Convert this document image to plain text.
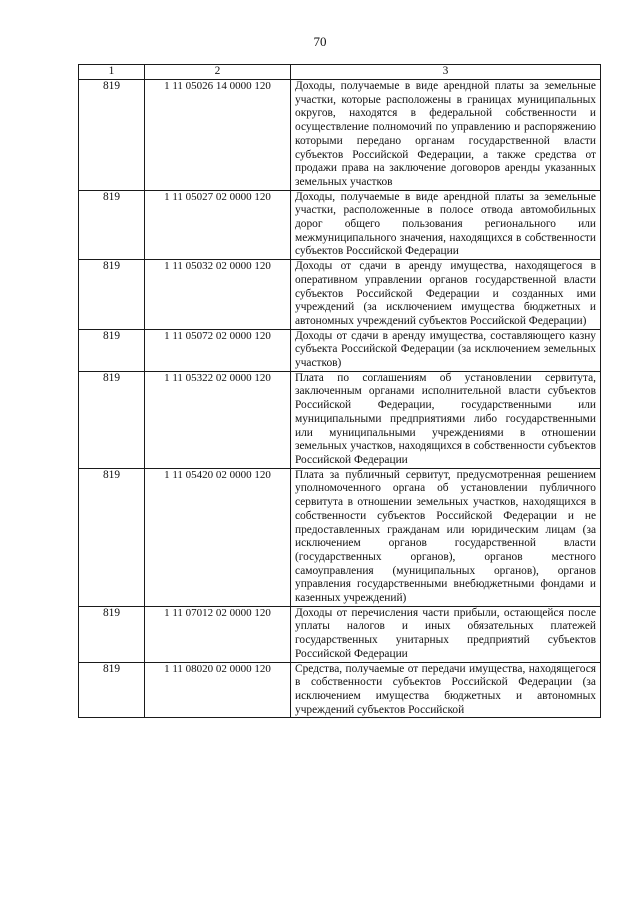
70
1	2	3
819	1 11 05026 14 0000 120	Доходы, получаемые в виде арендной платы за земельные участки, которые расположены в границах муниципальных округов, находятся в федеральной собственности и осуществление полномочий по управлению и распоряжению которыми передано органам государственной власти субъектов Российской Федерации, а также средства от продажи права на заключение договоров аренды указанных земельных участков
819	1 11 05027 02 0000 120	Доходы, получаемые в виде арендной платы за земельные участки, расположенные в полосе отвода автомобильных дорог общего пользования регионального или межмуниципального значения, находящихся в собственности субъектов Российской Федерации
819	1 11 05032 02 0000 120	Доходы от сдачи в аренду имущества, находящегося в оперативном управлении органов государственной власти субъектов Российской Федерации и созданных ими учреждений (за исключением имущества бюджетных и автономных учреждений субъектов Российской Федерации)
819	1 11 05072 02 0000 120	Доходы от сдачи в аренду имущества, составляющего казну субъекта Российской Федерации (за исключением земельных участков)
819	1 11 05322 02 0000 120	Плата по соглашениям об установлении сервитута, заключенным органами исполнительной власти субъектов Российской Федерации, государственными или муниципальными предприятиями либо государственными или муниципальными учреждениями в отношении земельных участков, находящихся в собственности субъектов Российской Федерации
819	1 11 05420 02 0000 120	Плата за публичный сервитут, предусмотренная решением уполномоченного органа об установлении публичного сервитута в отношении земельных участков, находящихся в собственности субъектов Российской Федерации и не предоставленных гражданам или юридическим лицам (за исключением органов государственной власти (государственных органов), органов местного самоуправления (муниципальных органов), органов управления государственными внебюджетными фондами и казенных учреждений)
819	1 11 07012 02 0000 120	Доходы от перечисления части прибыли, остающейся после уплаты налогов и иных обязательных платежей государственных унитарных предприятий субъектов Российской Федерации
819	1 11 08020 02 0000 120	Средства, получаемые от передачи имущества, находящегося в собственности субъектов Российской Федерации (за исключением имущества бюджетных и автономных учреждений субъектов Российской
